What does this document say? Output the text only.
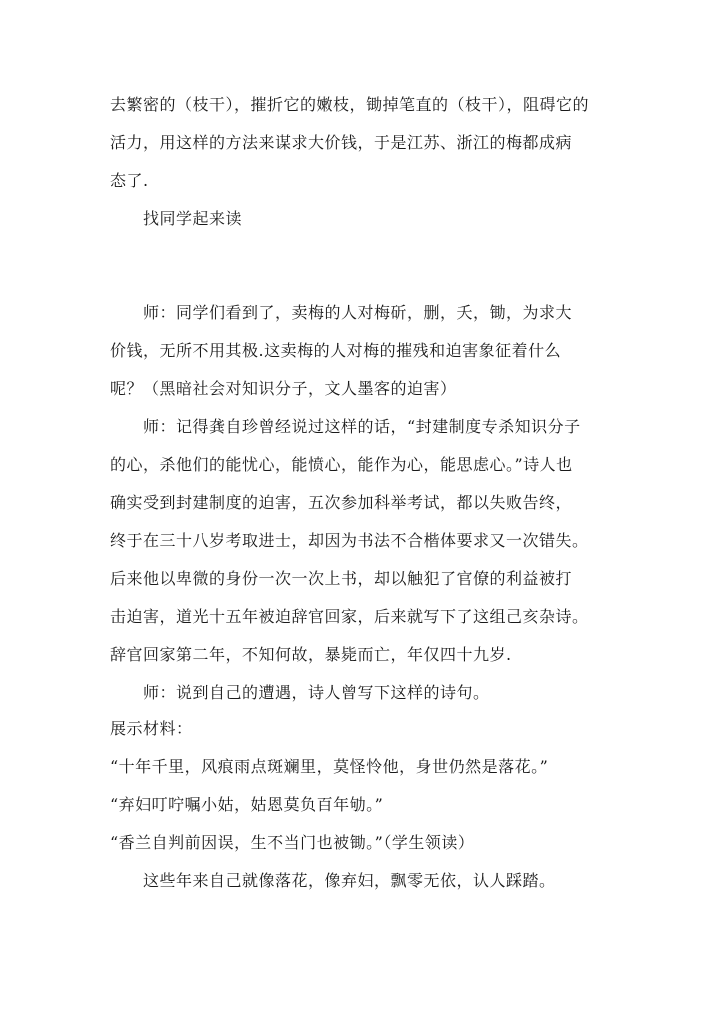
去繁密的（枝干），摧折它的嫩枝，锄掉笔直的（枝干），阻碍它的
活力，用这样的方法来谋求大价钱，于是江苏、浙江的梅都成病
态了.
　　找同学起来读
　　师：同学们看到了，卖梅的人对梅斫，删，夭，锄，为求大
价钱，无所不用其极.这卖梅的人对梅的摧残和迫害象征着什么
呢？（黑暗社会对知识分子，文人墨客的迫害）
　　师：记得龚自珍曾经说过这样的话，“封建制度专杀知识分子
的心，杀他们的能忧心，能愤心，能作为心，能思虑心。”诗人也
确实受到封建制度的迫害，五次参加科举考试，都以失败告终，
终于在三十八岁考取进士，却因为书法不合楷体要求又一次错失。
后来他以卑微的身份一次一次上书，却以触犯了官僚的利益被打
击迫害，道光十五年被迫辞官回家，后来就写下了这组己亥杂诗。
辞官回家第二年，不知何故，暴毙而亡，年仅四十九岁.
　　师：说到自己的遭遇，诗人曾写下这样的诗句。
展示材料：
“十年千里，风痕雨点斑斓里，莫怪怜他，身世仍然是落花。”
“弃妇叮咛嘱小姑，姑恩莫负百年劬。”
“香兰自判前因误，生不当门也被锄。”（学生领读）
　　这些年来自己就像落花，像弃妇，飘零无依，认人踩踏。
